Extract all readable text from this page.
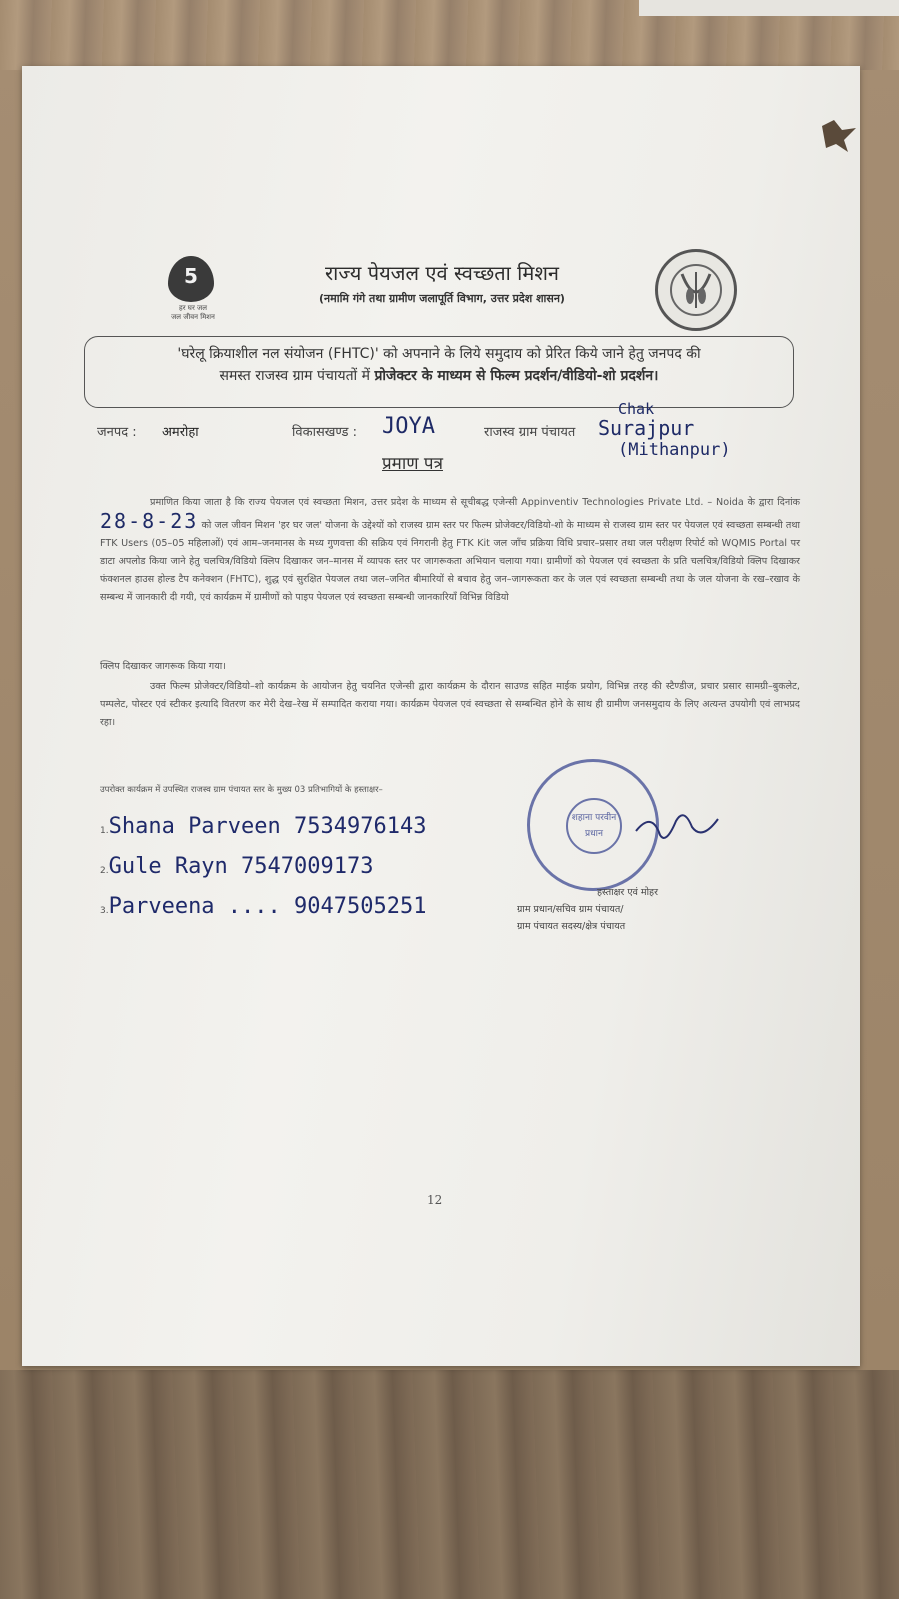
5
हर घर जल
जल जीवन मिशन
राज्य पेयजल एवं स्वच्छता मिशन
(नमामि गंगे तथा ग्रामीण जलापूर्ति विभाग, उत्तर प्रदेश शासन)
'घरेलू क्रियाशील नल संयोजन (FHTC)' को अपनाने के लिये समुदाय को प्रेरित किये जाने हेतु जनपद की
समस्त राजस्व ग्राम पंचायतों में प्रोजेक्टर के माध्यम से फिल्म प्रदर्शन/वीडियो-शो प्रदर्शन।
जनपद : अमरोहा	विकासखण्ड : JOYA	राजस्व ग्राम पंचायत
Chak
Surajpur
(Mithanpur)
प्रमाण पत्र
प्रमाणित किया जाता है कि राज्य पेयजल एवं स्वच्छता मिशन, उत्तर प्रदेश के माध्यम से सूचीबद्ध एजेन्सी Appinventiv Technologies Private Ltd. – Noida के द्वारा दिनांक 28-8-23 को जल जीवन मिशन 'हर घर जल' योजना के उद्देश्यों को राजस्व ग्राम स्तर पर फिल्म प्रोजेक्टर/विडियो-शो के माध्यम से राजस्व ग्राम स्तर पर पेयजल एवं स्वच्छता सम्बन्धी तथा FTK Users (05–05 महिलाओं) एवं आम–जनमानस के मध्य गुणवत्ता की सक्रिय एवं निगरानी हेतु FTK Kit जल जाँच प्रक्रिया विधि प्रचार–प्रसार तथा जल परीक्षण रिपोर्ट को WQMIS Portal पर डाटा अपलोड किया जाने हेतु चलचित्र/विडियो क्लिप दिखाकर जन–मानस में व्यापक स्तर पर जागरूकता अभियान चलाया गया। ग्रामीणों को पेयजल एवं स्वच्छता के प्रति चलचित्र/विडियो क्लिप दिखाकर फंक्शनल हाउस होल्ड टैप कनेक्शन (FHTC), शुद्ध एवं सुरक्षित पेयजल तथा जल–जनित बीमारियों से बचाव हेतु जन–जागरूकता कर के जल एवं स्वच्छता सम्बन्धी तथा के जल योजना के रख–रखाव के सम्बन्ध में जानकारी दी गयी, एवं कार्यक्रम में ग्रामीणों को पाइप पेयजल एवं स्वच्छता सम्बन्धी जानकारियाँ विभिन्न विडियो
क्लिप दिखाकर जागरूक किया गया।
उक्त फिल्म प्रोजेक्टर/विडियो–शो कार्यक्रम के आयोजन हेतु चयनित एजेन्सी द्वारा कार्यक्रम के दौरान साउण्ड सहित माईक प्रयोग, विभिन्न तरह की स्टैण्डीज, प्रचार प्रसार सामग्री–बुकलेट, पम्पलेट, पोस्टर एवं स्टीकर इत्यादि वितरण कर मेरी देख–रेख में सम्पादित कराया गया। कार्यक्रम पेयजल एवं स्वच्छता से सम्बन्धित होने के साथ ही ग्रामीण जनसमुदाय के लिए अत्यन्त उपयोगी एवं लाभप्रद रहा।
उपरोक्त कार्यक्रम में उपस्थित राजस्व ग्राम पंचायत स्तर के मुख्य 03 प्रतिभागियों के हस्ताक्षर–
1.Shana Parveen 7534976143
2.Gule Rayn 7547009173
3.Parveena .... 9047505251
शहाना परवीन
प्रधान
हस्ताक्षर एवं मोहर
ग्राम प्रधान/सचिव ग्राम पंचायत/
ग्राम पंचायत सदस्य/क्षेत्र पंचायत
12
